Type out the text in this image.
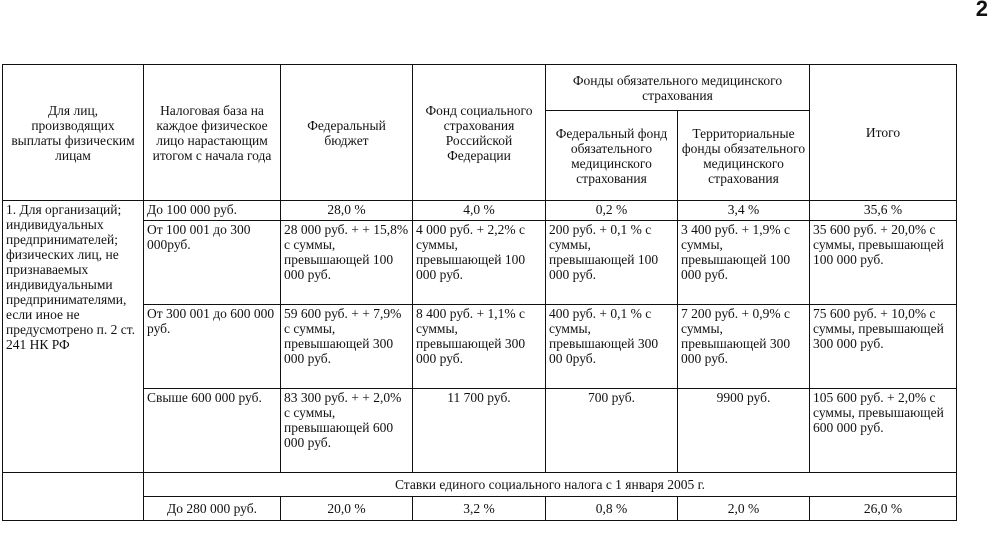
2
Для лиц, производящих выплаты физическим лицам	Налоговая база на каждое физическое лицо нарастающим итогом с начала года	Федеральный бюджет	Фонд социального страхования Российской Федерации	Фонды обязательного медицинского страхования		Итого
				Федеральный фонд обязательного медицинского страхования	Территориальные фонды обязательного медицинского страхования	
1. Для организаций; индивидуальных предпринимателей; физических лиц, не признаваемых индивидуальными предпринимателями, если иное не предусмотрено п. 2 ст. 241 НК РФ	До 100 000 руб.	28,0 %	4,0 %	0,2 %	3,4 %	35,6 %
	От 100 001 до 300 000руб.	28 000 руб. + + 15,8% с суммы, превышающей 100 000 руб.	4 000 руб. + 2,2% с суммы, превышающей 100 000 руб.	200 руб. + 0,1 % с суммы, превышающей 100 000 руб.	3 400 руб. + 1,9% с суммы, превышающей 100 000 руб.	35 600 руб. + 20,0% с суммы, превышающей 100 000 руб.
	От 300 001 до 600 000 руб.	59 600 руб. + + 7,9% с суммы, превышающей 300 000 руб.	8 400 руб. + 1,1% с суммы, превышающей 300 000 руб.	400 руб. + 0,1 % с суммы, превышающей 300 00 0руб.	7 200 руб. + 0,9% с суммы, превышающей 300 000 руб.	75 600 руб. + 10,0% с суммы, превышающей 300 000 руб.
	Свыше 600 000 руб.	83 300 руб. + + 2,0% с суммы, превышающей 600 000 руб.	11 700 руб.	700 руб.	9900 руб.	105 600 руб. + 2,0% с суммы, превышающей 600 000 руб.
	Ставки единого социального налога с 1 января 2005 г.					
	До 280 000 руб.	20,0 %	3,2 %	0,8 %	2,0 %	26,0 %
